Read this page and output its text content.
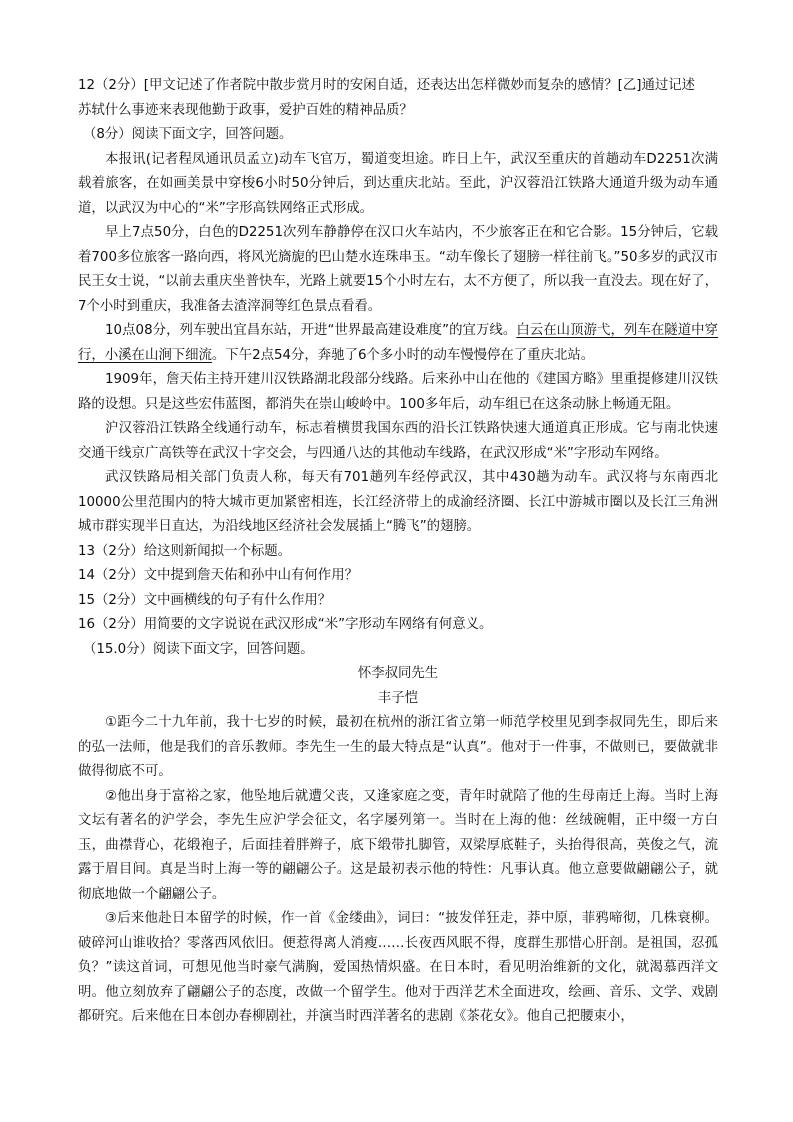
12（2分）[甲文记述了作者院中散步赏月时的安闲自适，还表达出怎样微妙而复杂的感情？[乙]通过记述
苏轼什么事迹来表现他勤于政事，爱护百姓的精神品质？

（8分）阅读下面文字，回答问题。

本报讯(记者程凤通讯员孟立)动车飞官万，蜀道变坦途。昨日上午，武汉至重庆的首趟动车D2251次满载着旅客，在如画美景中穿梭6小时50分钟后，到达重庆北站。至此，沪汉蓉沿江铁路大通道升级为动车通道，以武汉为中心的“米”字形高铁网络正式形成。

早上7点50分，白色的D2251次列车静静停在汉口火车站内，不少旅客正在和它合影。15分钟后，它载着700多位旅客一路向西，将风光旖旎的巴山楚水连珠串玉。“动车像长了翅膀一样往前飞。”50多岁的武汉市民王女士说，“以前去重庆坐普快车，光路上就要15个小时左右，太不方便了，所以我一直没去。现在好了，7个小时到重庆，我准备去渣滓洞等红色景点看看。

10点08分，列车驶出宜昌东站，开进“世界最高建设难度”的宜万线。白云在山顶游弋，列车在隧道中穿行，小溪在山涧下细流。下午2点54分，奔驰了6个多小时的动车慢慢停在了重庆北站。

1909年，詹天佑主持开建川汉铁路湖北段部分线路。后来孙中山在他的《建国方略》里重提修建川汉铁路的设想。只是这些宏伟蓝图，都消失在崇山峻岭中。100多年后，动车组已在这条动脉上畅通无阻。

沪汉蓉沿江铁路全线通行动车，标志着横贯我国东西的沿长江铁路快速大通道真正形成。它与南北快速交通干线京广高铁等在武汉十字交会，与四通八达的其他动车线路，在武汉形成“米”字形动车网络。

武汉铁路局相关部门负责人称，每天有701趟列车经停武汉，其中430趟为动车。武汉将与东南西北10000公里范围内的特大城市更加紧密相连，长江经济带上的成渝经济圈、长江中游城市圈以及长江三角洲城市群实现半日直达，为沿线地区经济社会发展插上“腾飞”的翅膀。

13（2分）给这则新闻拟一个标题。

14（2分）文中提到詹天佑和孙中山有何作用？

15（2分）文中画横线的句子有什么作用？

16（2分）用简要的文字说说在武汉形成“米”字形动车网络有何意义。

（15.0分）阅读下面文字，回答问题。

怀李叔同先生

丰子恺

①距今二十九年前，我十七岁的时候，最初在杭州的浙江省立第一师范学校里见到李叔同先生，即后来的弘一法师，他是我们的音乐教师。李先生一生的最大特点是“认真”。他对于一件事，不做则已，要做就非做得彻底不可。

②他出身于富裕之家，他坠地后就遭父丧，又逢家庭之变，青年时就陪了他的生母南迁上海。当时上海文坛有著名的沪学会，李先生应沪学会征文，名字屡列第一。当时在上海的他：丝绒碗帽，正中缀一方白玉，曲襟背心，花缎袍子，后面挂着胖辫子，底下缎带扎脚管，双梁厚底鞋子，头抬得很高，英俊之气，流露于眉目间。真是当时上海一等的翩翩公子。这是最初表示他的特性：凡事认真。他立意要做翩翩公子，就彻底地做一个翩翩公子。

③后来他赴日本留学的时候，作一首《金缕曲》，词曰：“披发佯狂走，莽中原，菲鸦啼彻，几株衰柳。破碎河山谁收拾？零落西风依旧。便惹得离人消瘦……长夜西风眠不得，度群生那惜心肝剖。是祖国，忍孤负？”读这首词，可想见他当时豪气满胸，爱国热情炽盛。在日本时，看见明治维新的文化，就渴慕西洋文明。他立刻放弃了翩翩公子的态度，改做一个留学生。他对于西洋艺术全面进攻，绘画、音乐、文学、戏剧都研究。后来他在日本创办春柳剧社，并演当时西洋著名的悲剧《茶花女》。他自己把腰束小，
